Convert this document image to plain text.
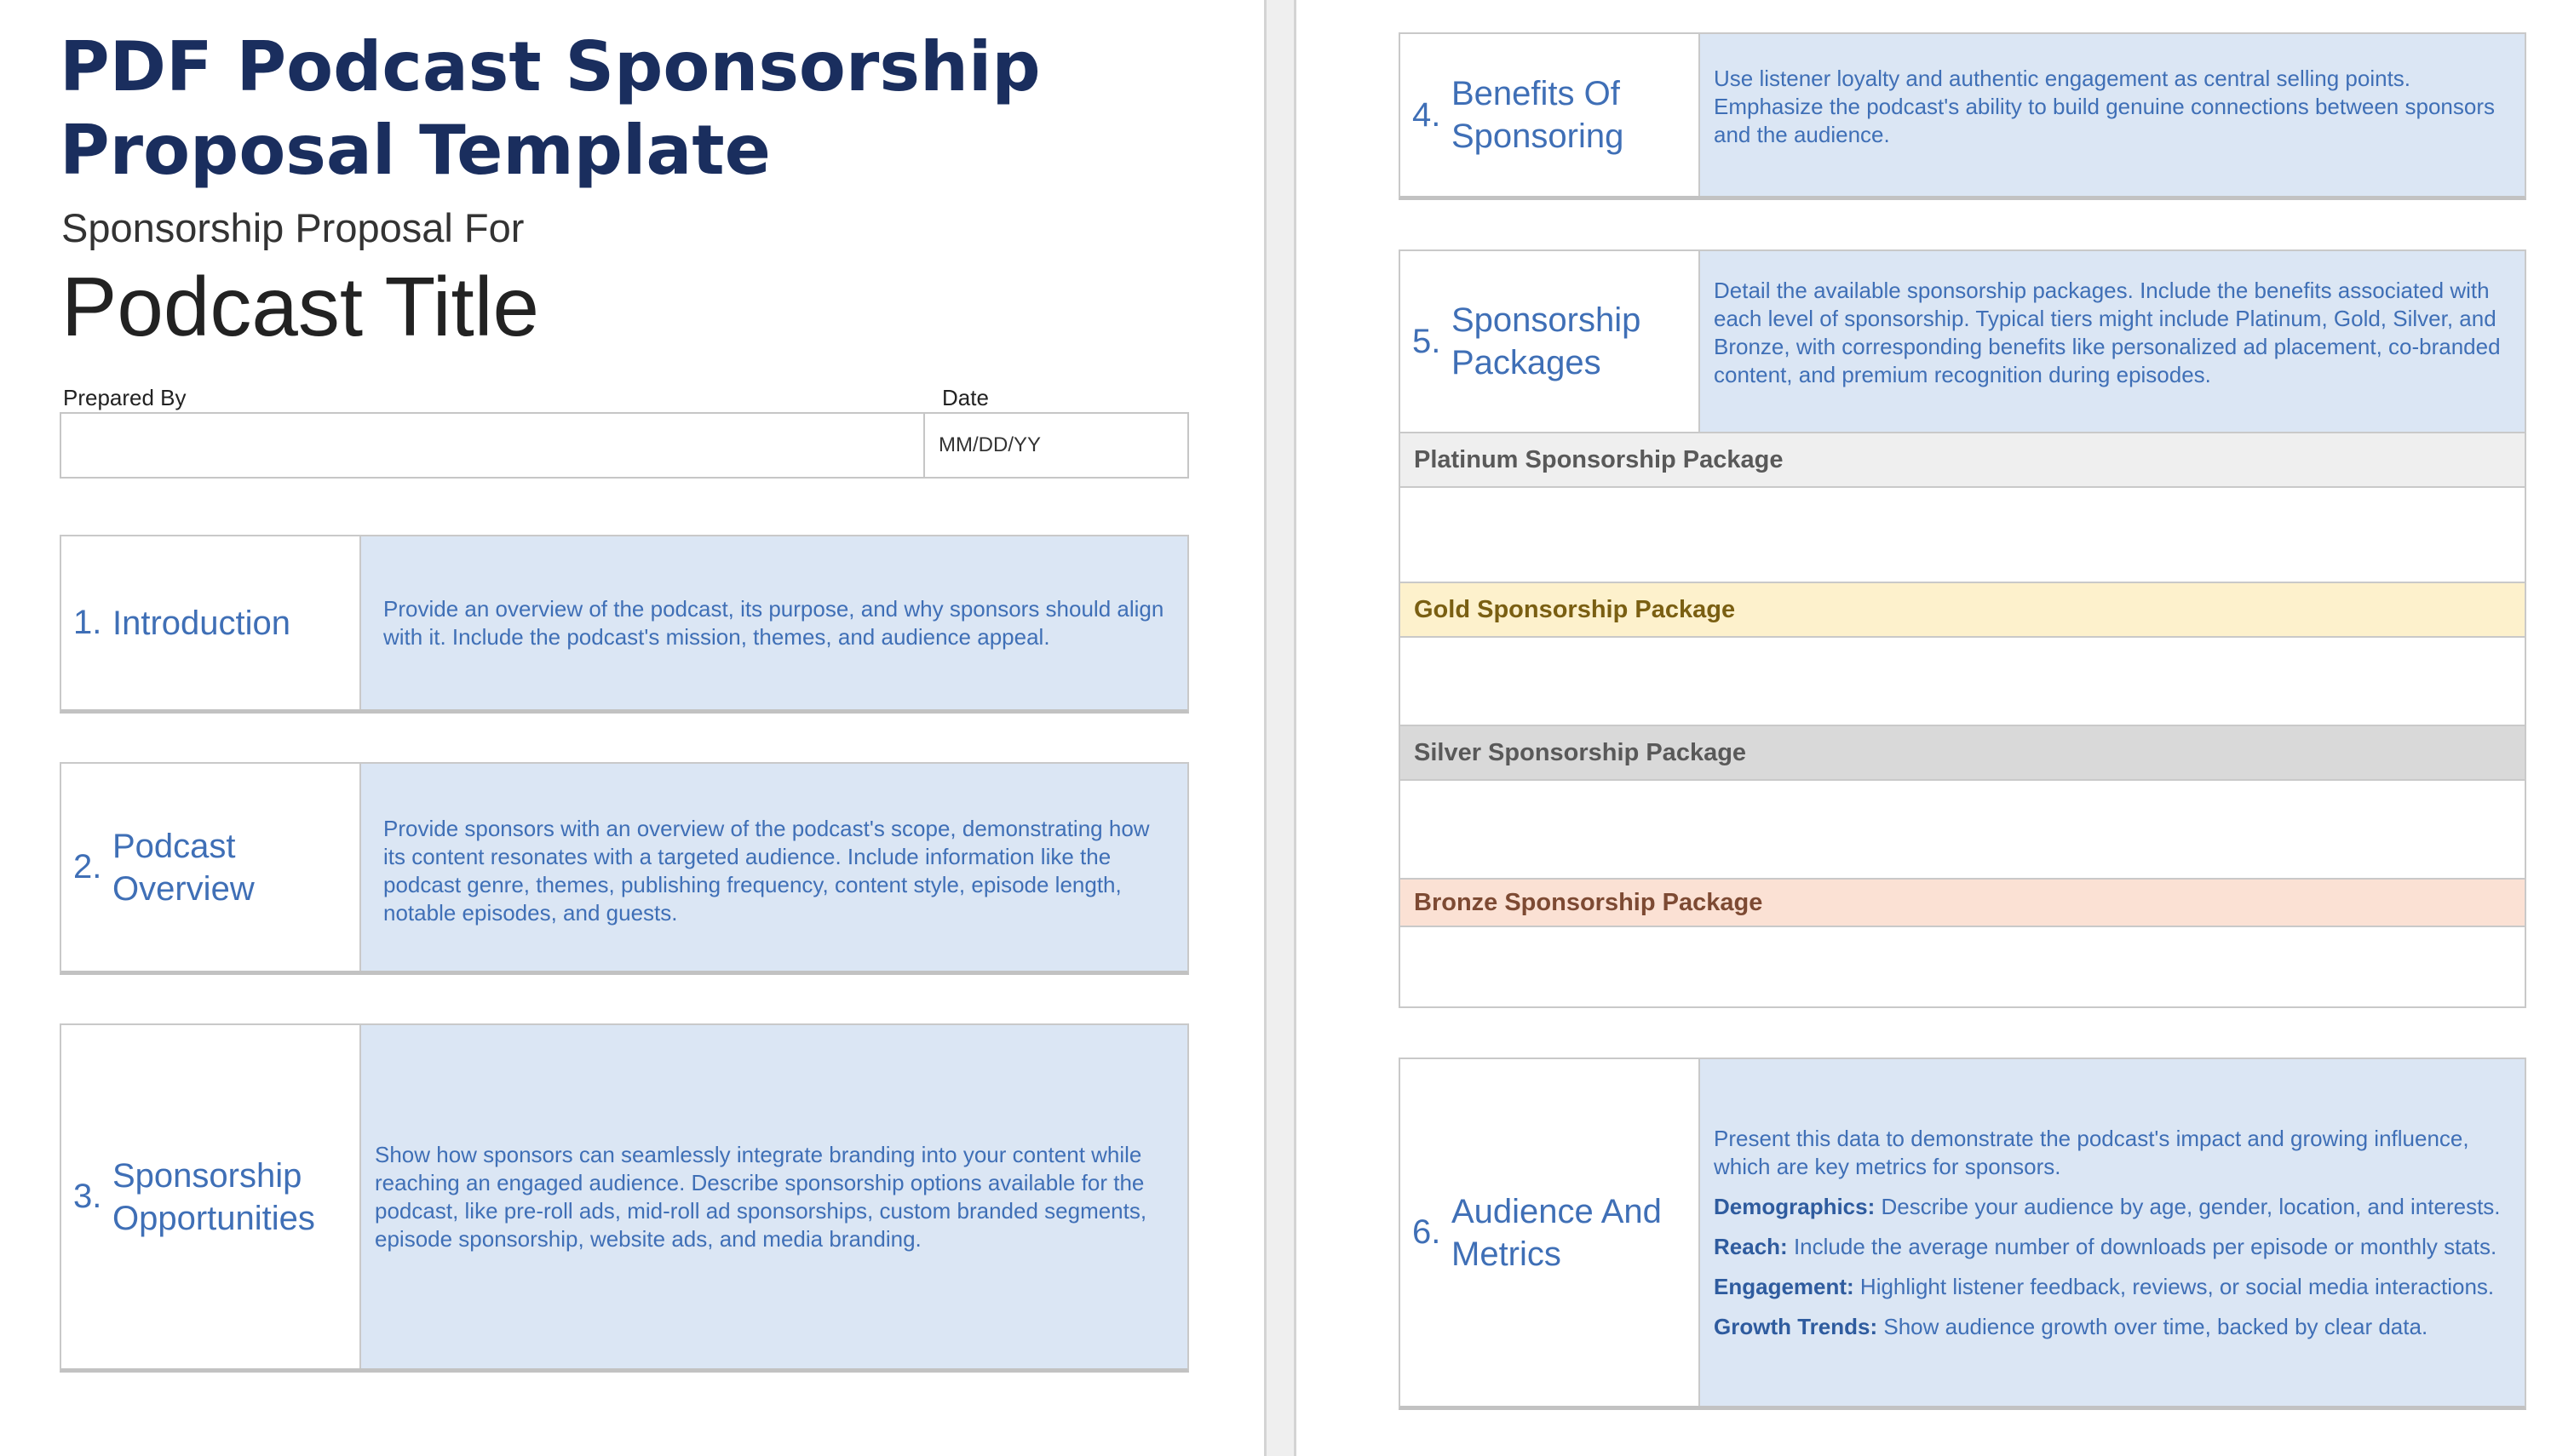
PDF Podcast Sponsorship Proposal Template
Sponsorship Proposal For
Podcast Title
Prepared By	Date
MM/DD/YY
1. Introduction	Provide an overview of the podcast, its purpose, and why sponsors should align with it. Include the podcast's mission, themes, and audience appeal.
2.
Podcast Overview
Provide sponsors with an overview of the podcast's scope, demonstrating how its content resonates with a targeted audience. Include information like the podcast genre, themes, publishing frequency, content style, episode length, notable episodes, and guests.
3.
Sponsorship Opportunities
Show how sponsors can seamlessly integrate branding into your content while reaching an engaged audience. Describe sponsorship options available for the podcast, like pre-roll ads, mid-roll ad sponsorships, custom branded segments, episode sponsorship, website ads, and media branding.
4.
Benefits Of Sponsoring
Use listener loyalty and authentic engagement as central selling points. Emphasize the podcast's ability to build genuine connections between sponsors and the audience.
5.
Sponsorship Packages
Detail the available sponsorship packages. Include the benefits associated with each level of sponsorship. Typical tiers might include Platinum, Gold, Silver, and Bronze, with corresponding benefits like personalized ad placement, co-branded content, and premium recognition during episodes.
Platinum Sponsorship Package
Gold Sponsorship Package
Silver Sponsorship Package
Bronze Sponsorship Package
6.
Audience And Metrics

Present this data to demonstrate the podcast's impact and growing influence, which are key metrics for sponsors.

Demographics: Describe your audience by age, gender, location, and interests.

Reach: Include the average number of downloads per episode or monthly stats.

Engagement: Highlight listener feedback, reviews, or social media interactions.

Growth Trends: Show audience growth over time, backed by clear data.
